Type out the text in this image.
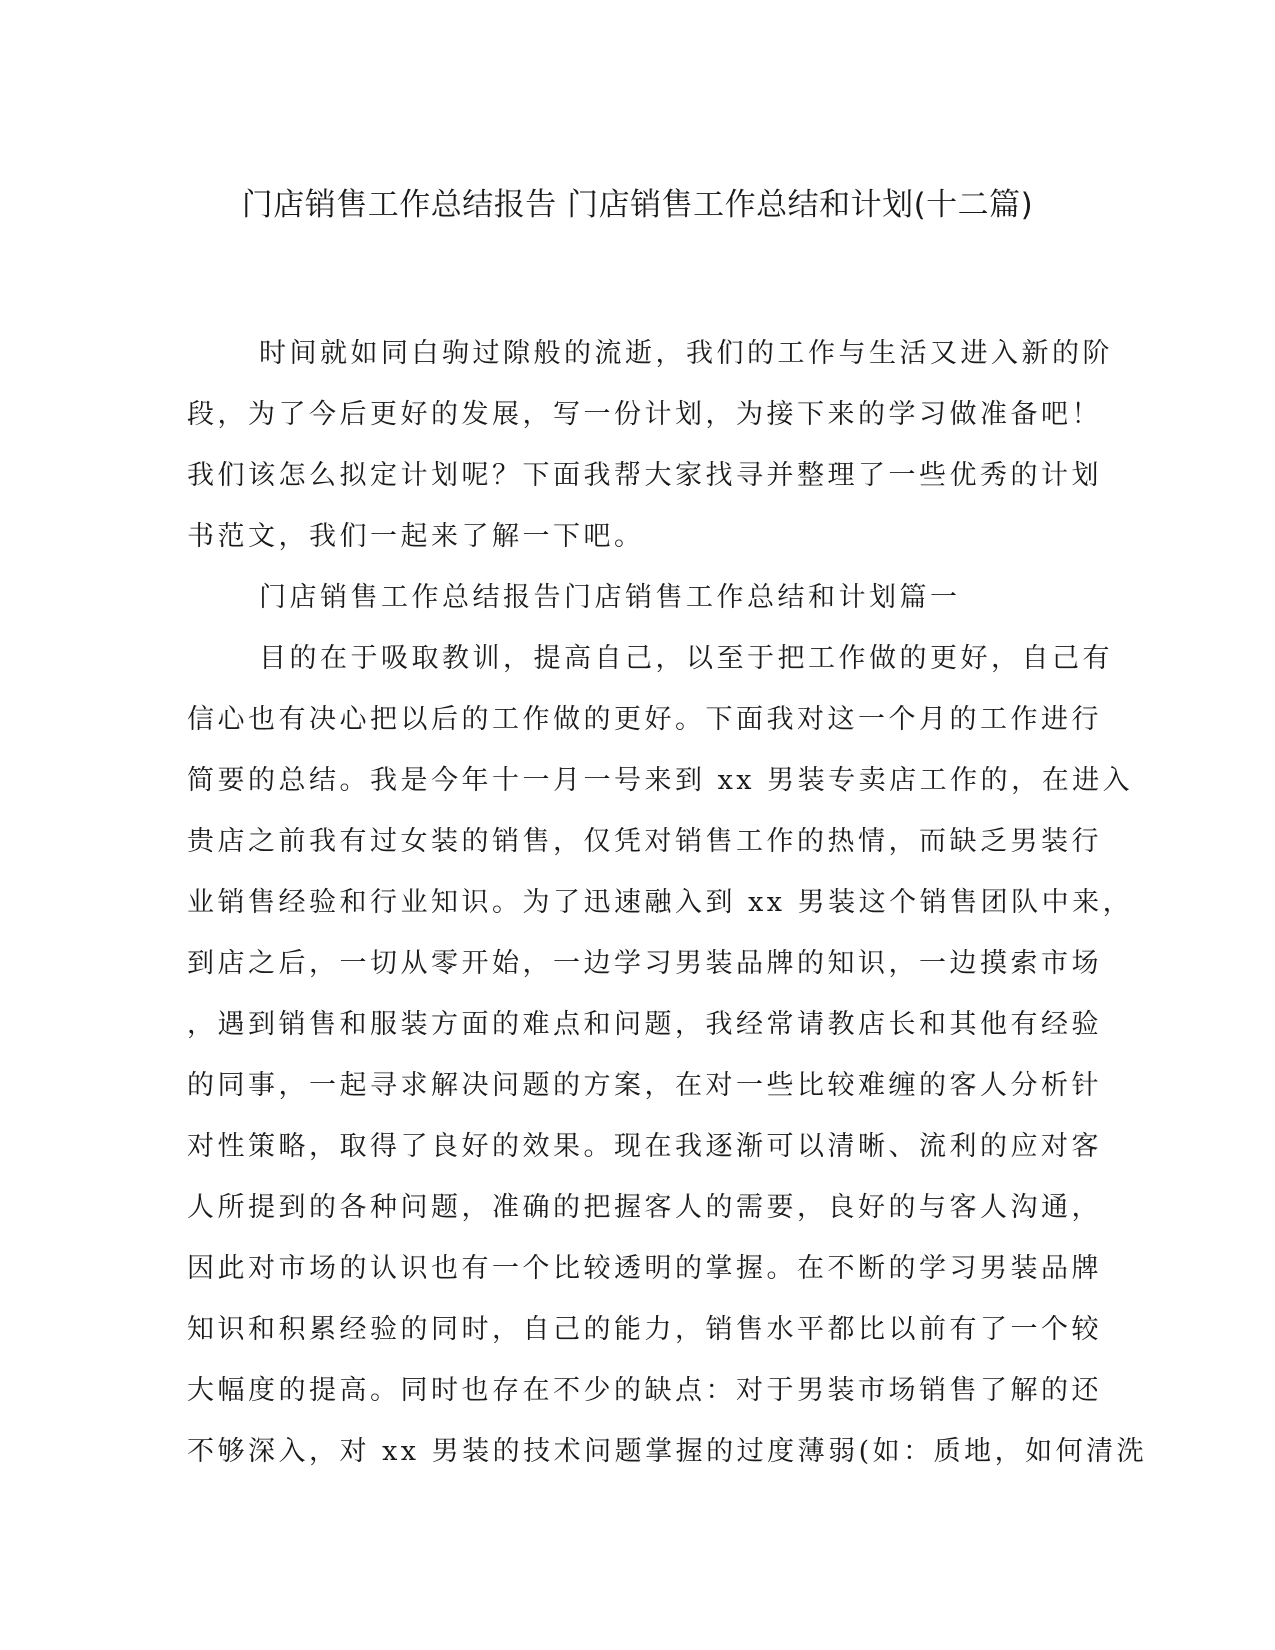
门店销售工作总结报告 门店销售工作总结和计划(十二篇)
时间就如同白驹过隙般的流逝，我们的工作与生活又进入新的阶
段，为了今后更好的发展，写一份计划，为接下来的学习做准备吧！
我们该怎么拟定计划呢？下面我帮大家找寻并整理了一些优秀的计划
书范文，我们一起来了解一下吧。
门店销售工作总结报告门店销售工作总结和计划篇一
目的在于吸取教训，提高自己，以至于把工作做的更好，自己有
信心也有决心把以后的工作做的更好。下面我对这一个月的工作进行
简要的总结。我是今年十一月一号来到 xx 男装专卖店工作的，在进入
贵店之前我有过女装的销售，仅凭对销售工作的热情，而缺乏男装行
业销售经验和行业知识。为了迅速融入到 xx 男装这个销售团队中来，
到店之后，一切从零开始，一边学习男装品牌的知识，一边摸索市场
，遇到销售和服装方面的难点和问题，我经常请教店长和其他有经验
的同事，一起寻求解决问题的方案，在对一些比较难缠的客人分析针
对性策略，取得了良好的效果。现在我逐渐可以清晰、流利的应对客
人所提到的各种问题，准确的把握客人的需要，良好的与客人沟通，
因此对市场的认识也有一个比较透明的掌握。在不断的学习男装品牌
知识和积累经验的同时，自己的能力，销售水平都比以前有了一个较
大幅度的提高。同时也存在不少的缺点：对于男装市场销售了解的还
不够深入，对 xx 男装的技术问题掌握的过度薄弱(如：质地，如何清洗
